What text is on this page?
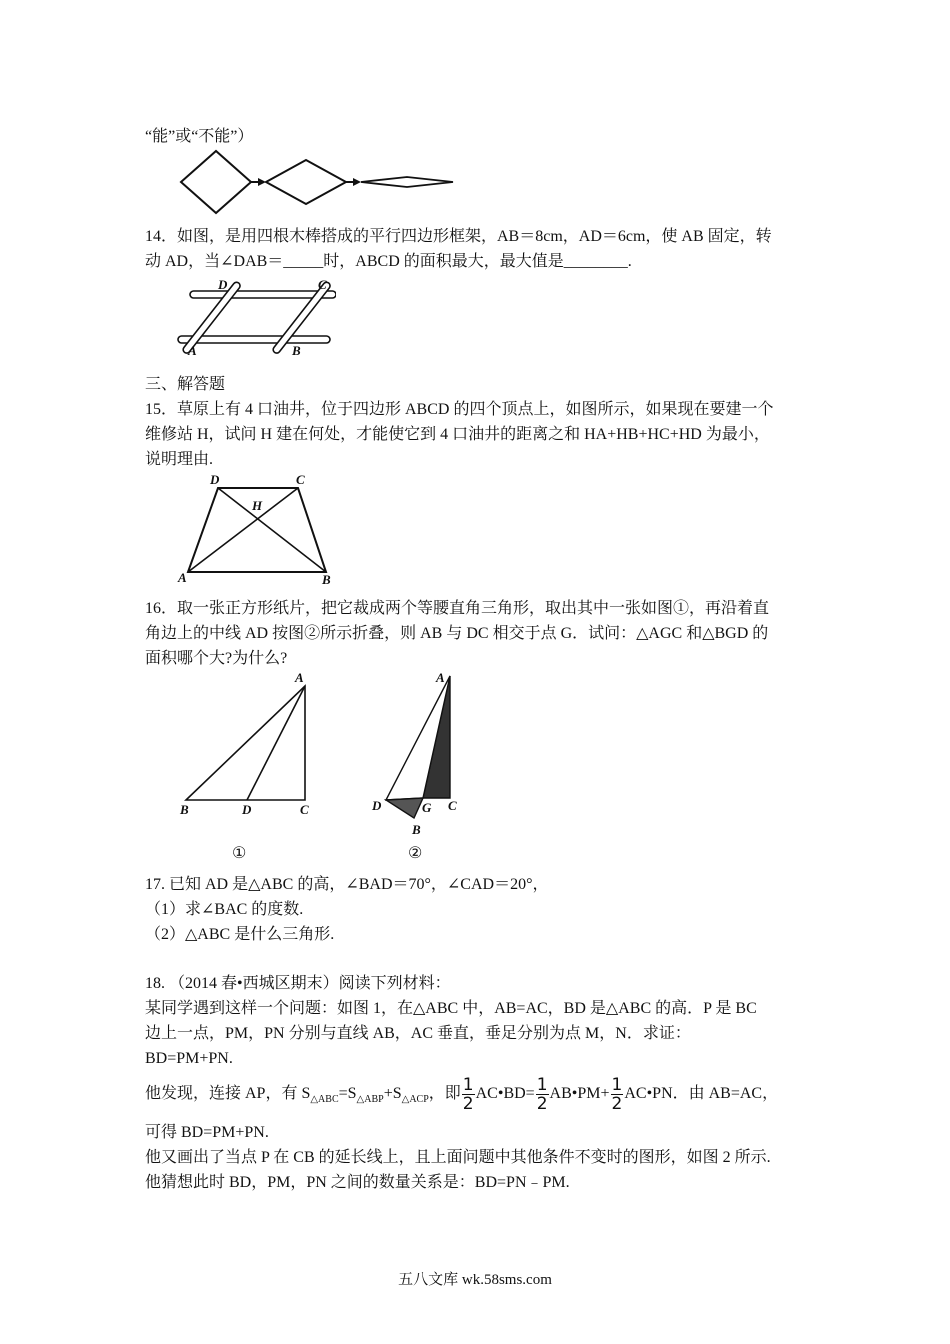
“能”或“不能”）
14．如图，是用四根木棒搭成的平行四边形框架，AB＝8cm，AD＝6cm，使 AB 固定，转
动 AD，当∠DAB＝_____时，ABCD 的面积最大，最大值是________.
D	C
A	B
三、解答题
15．草原上有 4 口油井，位于四边形 ABCD 的四个顶点上，如图所示，如果现在要建一个
维修站 H，试问 H 建在何处，才能使它到 4 口油井的距离之和 HA+HB+HC+HD 为最小，
说明理由.
D	C
H
A	B
16．取一张正方形纸片，把它裁成两个等腰直角三角形，取出其中一张如图①，再沿着直
角边上的中线 AD 按图②所示折叠，则 AB 与 DC 相交于点 G．试问：△AGC 和△BGD 的
面积哪个大?为什么?
A
B	D	C
①
A
D	G C
B
②
17. 已知 AD 是△ABC 的高，∠BAD＝70°，∠CAD＝20°，
（1）求∠BAC 的度数.
（2）△ABC 是什么三角形.
18. （2014 春•西城区期末）阅读下列材料：
某同学遇到这样一个问题：如图 1，在△ABC 中，AB=AC，BD 是△ABC 的高．P 是 BC
边上一点，PM，PN 分别与直线 AB，AC 垂直，垂足分别为点 M，N．求证：
BD=PM+PN.
他发现，连接 AP，有 $S_{\triangle ABC}=S_{\triangle ABP}+S_{\triangle ACP}$，即 $\frac{1}{2}$ AC•BD= $\frac{1}{2}$ AB•PM+ $\frac{1}{2}$ AC•PN．由 AB=AC，
可得 BD=PM+PN.
他又画出了当点 P 在 CB 的延长线上，且上面问题中其他条件不变时的图形，如图 2 所示.
他猜想此时 BD，PM，PN 之间的数量关系是：BD=PN﹣PM.
五八文库 wk.58sms.com
